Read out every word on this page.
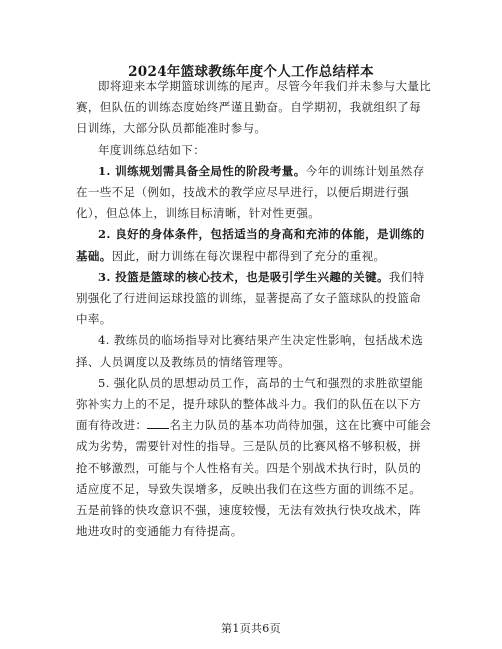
2024年篮球教练年度个人工作总结样本

即将迎来本学期篮球训练的尾声。尽管今年我们并未参与大量比赛，但队伍的训练态度始终严谨且勤奋。自学期初，我就组织了每日训练，大部分队员都能准时参与。

年度训练总结如下：

1. 训练规划需具备全局性的阶段考量。今年的训练计划虽然存在一些不足（例如，技战术的教学应尽早进行，以便后期进行强化），但总体上，训练目标清晰，针对性更强。

2. 良好的身体条件，包括适当的身高和充沛的体能，是训练的基础。因此，耐力训练在每次课程中都得到了充分的重视。

3. 投篮是篮球的核心技术，也是吸引学生兴趣的关键。我们特别强化了行进间运球投篮的训练，显著提高了女子篮球队的投篮命中率。

4. 教练员的临场指导对比赛结果产生决定性影响，包括战术选择、人员调度以及教练员的情绪管理等。

5. 强化队员的思想动员工作，高昂的士气和强烈的求胜欲望能弥补实力上的不足，提升球队的整体战斗力。我们的队伍在以下方面有待改进： 名主力队员的基本功尚待加强，这在比赛中可能会成为劣势，需要针对性的指导。三是队员的比赛风格不够积极，拼抢不够激烈，可能与个人性格有关。四是个别战术执行时，队员的适应度不足，导致失误增多，反映出我们在这些方面的训练不足。五是前锋的快攻意识不强，速度较慢，无法有效执行快攻战术，阵地进攻时的变通能力有待提高。

第1页共6页
